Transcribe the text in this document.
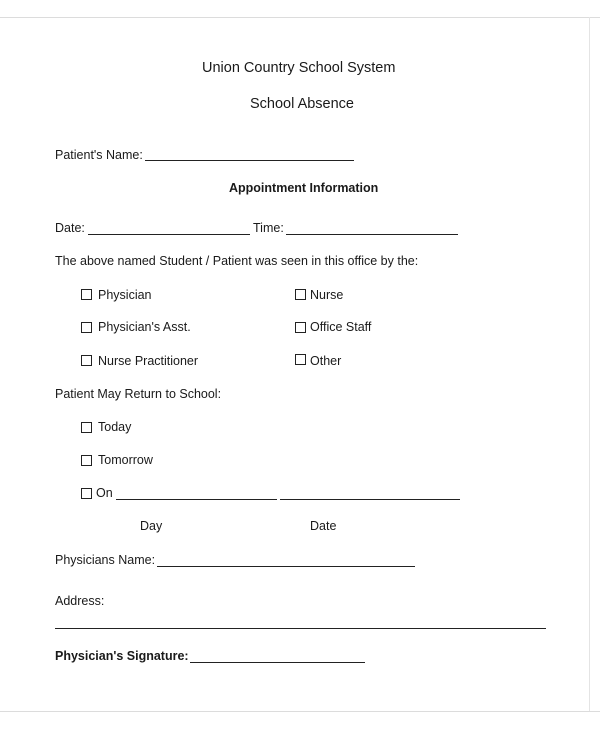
Union Country School System
School Absence
Patient's Name:
Appointment Information
Date:	Time:
The above named Student / Patient was seen in this office by the:
Physician
Physician's Asst.
Nurse Practitioner
Nurse
Office Staff
Other
Patient May Return to School:
Today
Tomorrow
On
Day	Date
Physicians Name:
Address:
Physician's Signature:
